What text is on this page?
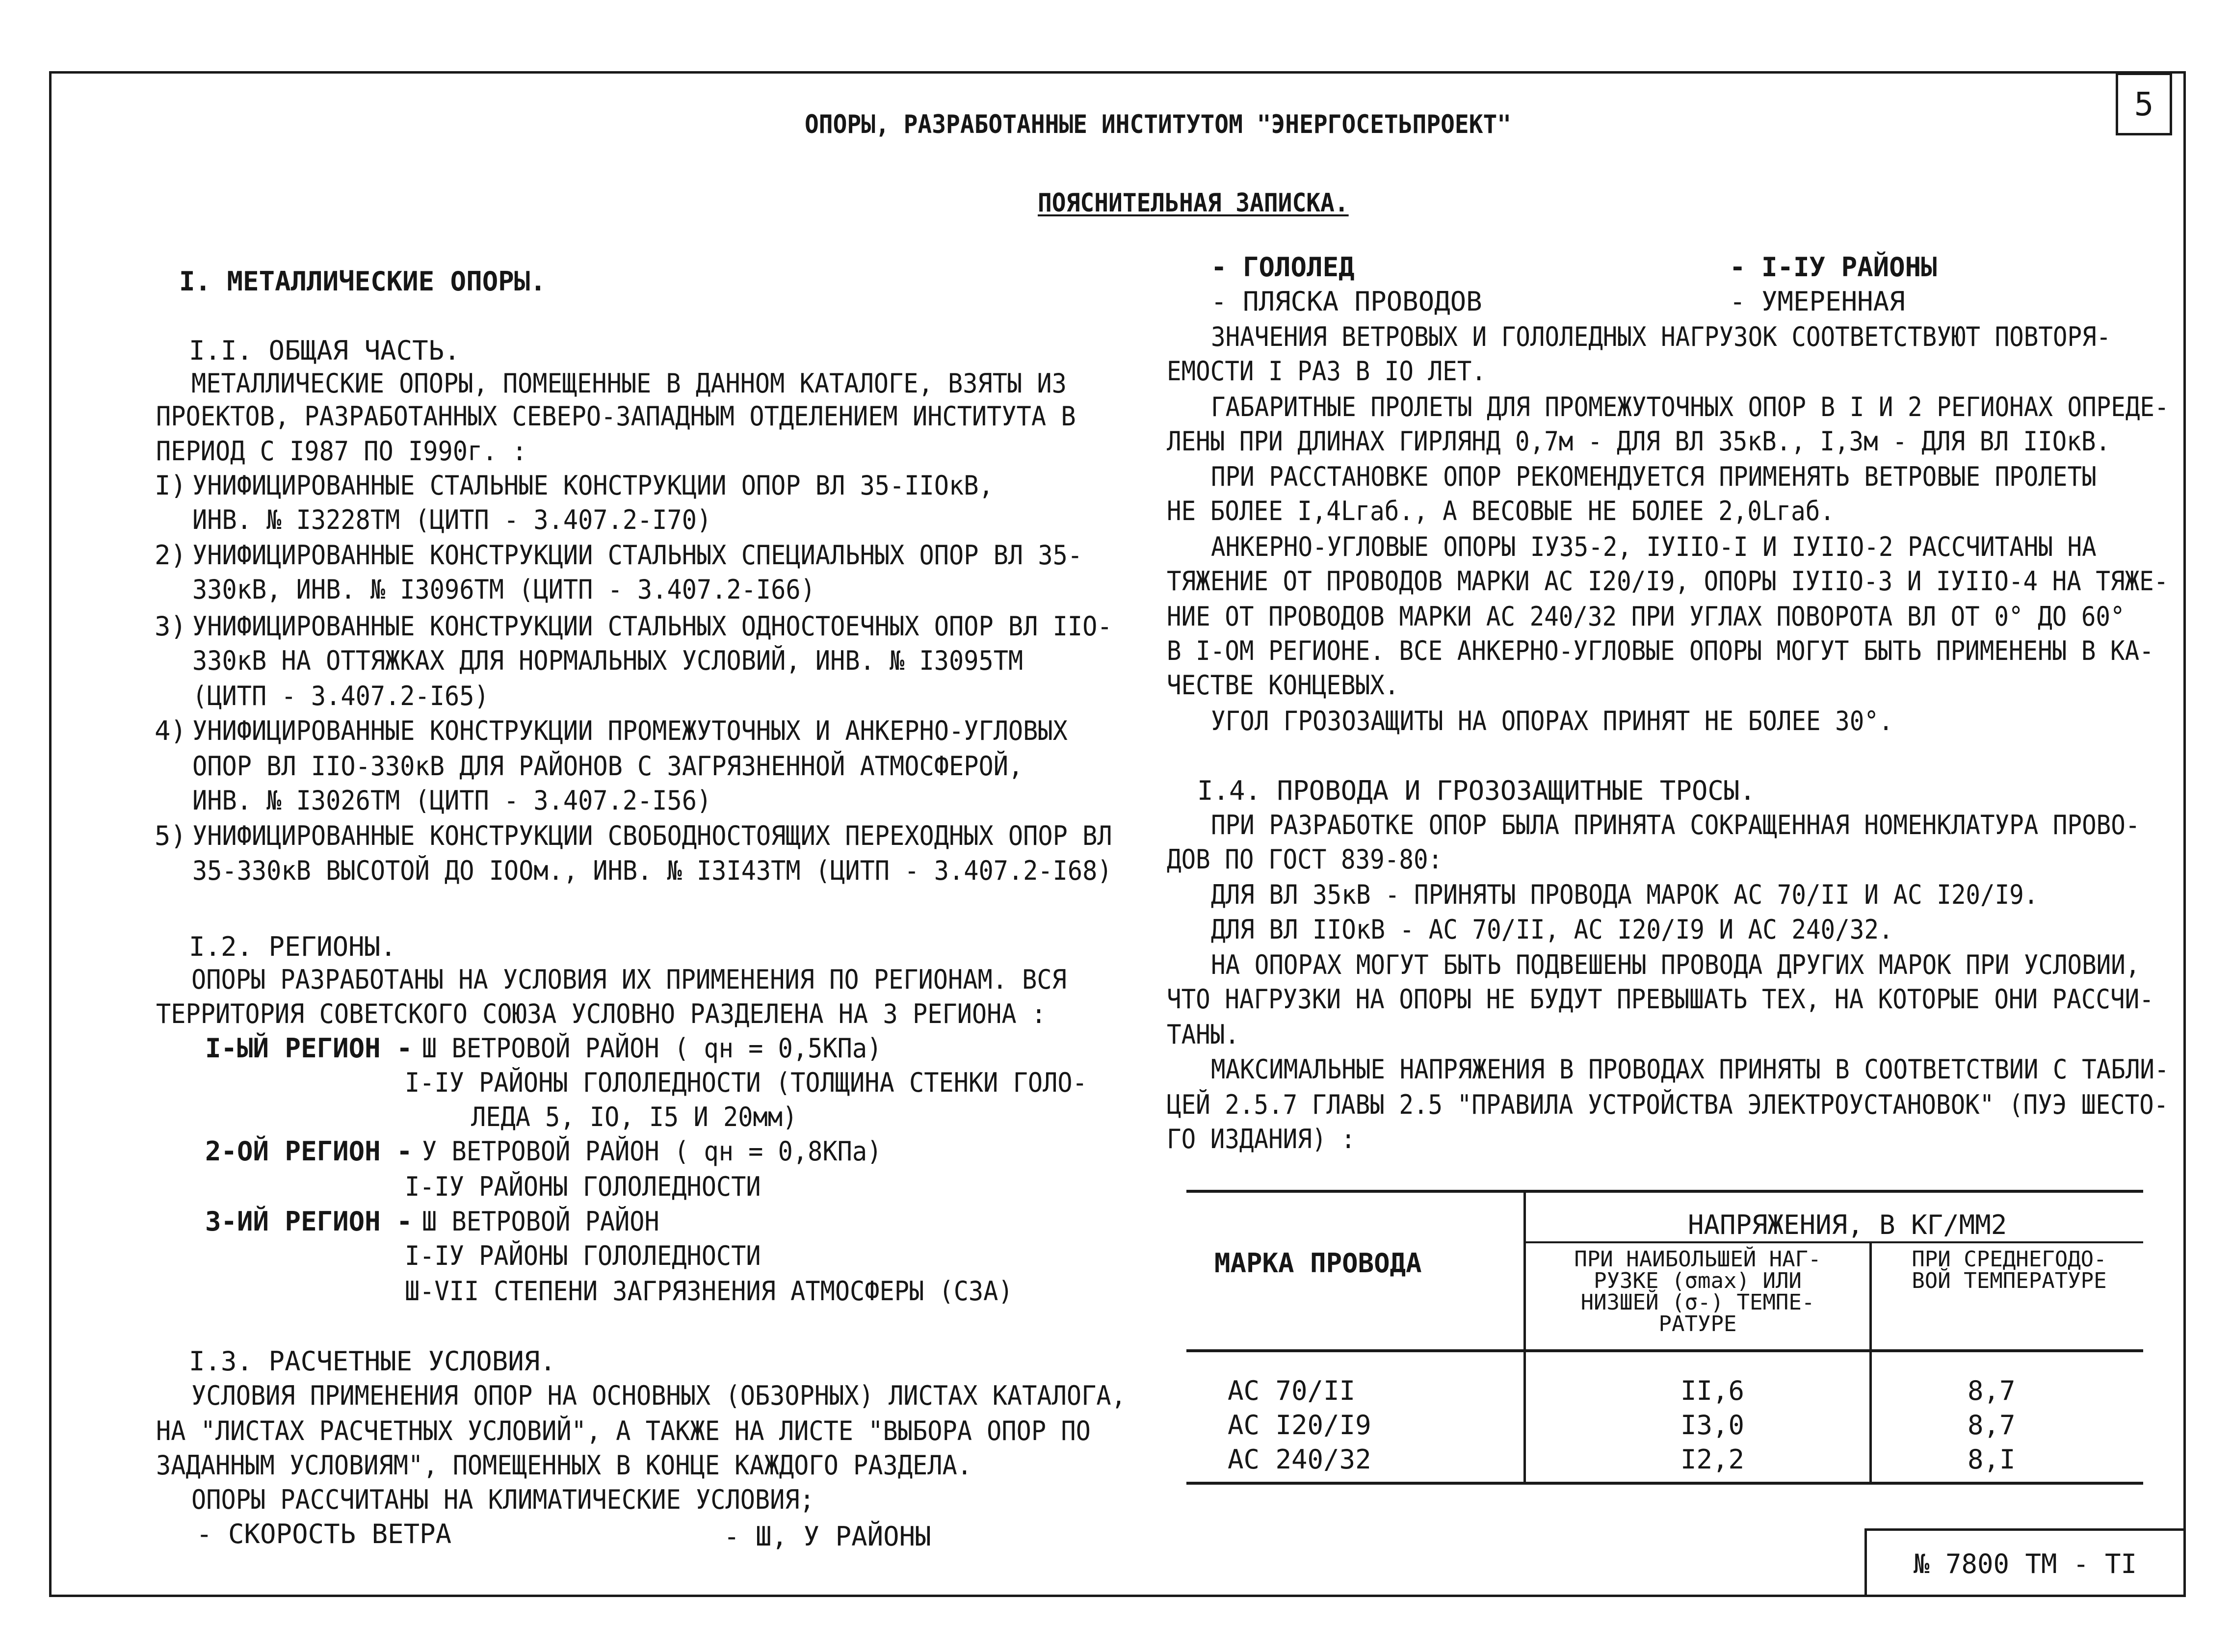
5
ОПОРЫ, РАЗРАБОТАННЫЕ ИНСТИТУТОМ "ЭНЕРГОСЕТЬПРОЕКТ"
ПОЯСНИТЕЛЬНАЯ ЗАПИСКА.
I. МЕТАЛЛИЧЕСКИЕ ОПОРЫ.
I.I. ОБЩАЯ ЧАСТЬ.
МЕТАЛЛИЧЕСКИЕ ОПОРЫ, ПОМЕЩЕННЫЕ В ДАННОМ КАТАЛОГЕ, ВЗЯТЫ ИЗ
ПРОЕКТОВ, РАЗРАБОТАННЫХ СЕВЕРО-ЗАПАДНЫМ ОТДЕЛЕНИЕМ ИНСТИТУТА В
ПЕРИОД С I987 ПО I990г. :
I) УНИФИЦИРОВАННЫЕ СТАЛЬНЫЕ КОНСТРУКЦИИ ОПОР ВЛ 35-IIOкВ,
ИНВ. № I3228ТМ (ЦИТП - 3.407.2-I70)
2) УНИФИЦИРОВАННЫЕ КОНСТРУКЦИИ СТАЛЬНЫХ СПЕЦИАЛЬНЫХ ОПОР ВЛ 35-
330кВ, ИНВ. № I3096ТМ (ЦИТП - 3.407.2-I66)
3) УНИФИЦИРОВАННЫЕ КОНСТРУКЦИИ СТАЛЬНЫХ ОДНОСТОЕЧНЫХ ОПОР ВЛ IIO-
330кВ НА ОТТЯЖКАХ ДЛЯ НОРМАЛЬНЫХ УСЛОВИЙ, ИНВ. № I3095ТМ
(ЦИТП - 3.407.2-I65)
4) УНИФИЦИРОВАННЫЕ КОНСТРУКЦИИ ПРОМЕЖУТОЧНЫХ И АНКЕРНО-УГЛОВЫХ
ОПОР ВЛ IIO-330кВ ДЛЯ РАЙОНОВ С ЗАГРЯЗНЕННОЙ АТМОСФЕРОЙ,
ИНВ. № I3026ТМ (ЦИТП - 3.407.2-I56)
5) УНИФИЦИРОВАННЫЕ КОНСТРУКЦИИ СВОБОДНОСТОЯЩИХ ПЕРЕХОДНЫХ ОПОР ВЛ
35-330кВ ВЫСОТОЙ ДО IOOм., ИНВ. № I3I43ТМ (ЦИТП - 3.407.2-I68)
I.2. РЕГИОНЫ.
ОПОРЫ РАЗРАБОТАНЫ НА УСЛОВИЯ ИХ ПРИМЕНЕНИЯ ПО РЕГИОНАМ. ВСЯ
ТЕРРИТОРИЯ СОВЕТСКОГО СОЮЗА УСЛОВНО РАЗДЕЛЕНА НА 3 РЕГИОНА :
I-ЫЙ РЕГИОН - Ш ВЕТРОВОЙ РАЙОН ( qн = 0,5КПа)
I-IУ РАЙОНЫ ГОЛОЛЕДНОСТИ (ТОЛЩИНА СТЕНКИ ГОЛО-
ЛЕДА 5, IO, I5 И 20мм)
2-ОЙ РЕГИОН - У ВЕТРОВОЙ РАЙОН ( qн = 0,8КПа)
I-IУ РАЙОНЫ ГОЛОЛЕДНОСТИ
3-ИЙ РЕГИОН - Ш ВЕТРОВОЙ РАЙОН
I-IУ РАЙОНЫ ГОЛОЛЕДНОСТИ
Ш-VII СТЕПЕНИ ЗАГРЯЗНЕНИЯ АТМОСФЕРЫ (СЗА)
I.3. РАСЧЕТНЫЕ УСЛОВИЯ.
УСЛОВИЯ ПРИМЕНЕНИЯ ОПОР НА ОСНОВНЫХ (ОБЗОРНЫХ) ЛИСТАХ КАТАЛОГА,
НА "ЛИСТАХ РАСЧЕТНЫХ УСЛОВИЙ", А ТАКЖЕ НА ЛИСТЕ "ВЫБОРА ОПОР ПО
ЗАДАННЫМ УСЛОВИЯМ", ПОМЕЩЕННЫХ В КОНЦЕ КАЖДОГО РАЗДЕЛА.
ОПОРЫ РАССЧИТАНЫ НА КЛИМАТИЧЕСКИЕ УСЛОВИЯ;
- СКОРОСТЬ ВЕТРА	- Ш, У РАЙОНЫ
- ГОЛОЛЕД	- I-IУ РАЙОНЫ
- ПЛЯСКА ПРОВОДОВ	- УМЕРЕННАЯ
ЗНАЧЕНИЯ ВЕТРОВЫХ И ГОЛОЛЕДНЫХ НАГРУЗОК СООТВЕТСТВУЮТ ПОВТОРЯ-
ЕМОСТИ I РАЗ В IO ЛЕТ.
ГАБАРИТНЫЕ ПРОЛЕТЫ ДЛЯ ПРОМЕЖУТОЧНЫХ ОПОР В I И 2 РЕГИОНАХ ОПРЕДЕ-
ЛЕНЫ ПРИ ДЛИНАХ ГИРЛЯНД 0,7м - ДЛЯ ВЛ 35кВ., I,3м - ДЛЯ ВЛ IIOкВ.
ПРИ РАССТАНОВКЕ ОПОР РЕКОМЕНДУЕТСЯ ПРИМЕНЯТЬ ВЕТРОВЫЕ ПРОЛЕТЫ
НЕ БОЛЕЕ I,4Lгаб., А ВЕСОВЫЕ НЕ БОЛЕЕ 2,0Lгаб.
АНКЕРНО-УГЛОВЫЕ ОПОРЫ IУ35-2, IУIIO-I И IУIIO-2 РАССЧИТАНЫ НА
ТЯЖЕНИЕ ОТ ПРОВОДОВ МАРКИ АС I20/I9, ОПОРЫ IУIIO-3 И IУIIO-4 НА ТЯЖЕ-
НИЕ ОТ ПРОВОДОВ МАРКИ АС 240/32 ПРИ УГЛАХ ПОВОРОТА ВЛ ОТ 0° ДО 60°
В I-ОМ РЕГИОНЕ. ВСЕ АНКЕРНО-УГЛОВЫЕ ОПОРЫ МОГУТ БЫТЬ ПРИМЕНЕНЫ В КА-
ЧЕСТВЕ КОНЦЕВЫХ.
УГОЛ ГРОЗОЗАЩИТЫ НА ОПОРАХ ПРИНЯТ НЕ БОЛЕЕ 30°.
I.4. ПРОВОДА И ГРОЗОЗАЩИТНЫЕ ТРОСЫ.
ПРИ РАЗРАБОТКЕ ОПОР БЫЛА ПРИНЯТА СОКРАЩЕННАЯ НОМЕНКЛАТУРА ПРОВО-
ДОВ ПО ГОСТ 839-80:
ДЛЯ ВЛ 35кВ - ПРИНЯТЫ ПРОВОДА МАРОК АС 70/II И АС I20/I9.
ДЛЯ ВЛ IIOкВ - АС 70/II, АС I20/I9 И АС 240/32.
НА ОПОРАХ МОГУТ БЫТЬ ПОДВЕШЕНЫ ПРОВОДА ДРУГИХ МАРОК ПРИ УСЛОВИИ,
ЧТО НАГРУЗКИ НА ОПОРЫ НЕ БУДУТ ПРЕВЫШАТЬ ТЕХ, НА КОТОРЫЕ ОНИ РАССЧИ-
ТАНЫ.
МАКСИМАЛЬНЫЕ НАПРЯЖЕНИЯ В ПРОВОДАХ ПРИНЯТЫ В СООТВЕТСТВИИ С ТАБЛИ-
ЦЕЙ 2.5.7 ГЛАВЫ 2.5 "ПРАВИЛА УСТРОЙСТВА ЭЛЕКТРОУСТАНОВОК" (ПУЭ ШЕСТО-
ГО ИЗДАНИЯ) :
МАРКА ПРОВОДА
НАПРЯЖЕНИЯ, В КГ/ММ2
ПРИ НАИБОЛЬШЕЙ НАГ-
РУЗКЕ (σmax) ИЛИ
НИЗШЕЙ (σ-) ТЕМПЕ-
РАТУРЕ
ПРИ СРЕДНЕГОДО-
ВОЙ ТЕМПЕРАТУРЕ
АС 70/II	II,6	8,7
АС I20/I9	I3,0	8,7
АС 240/32	I2,2	8,I
№ 7800 ТМ - ТI
